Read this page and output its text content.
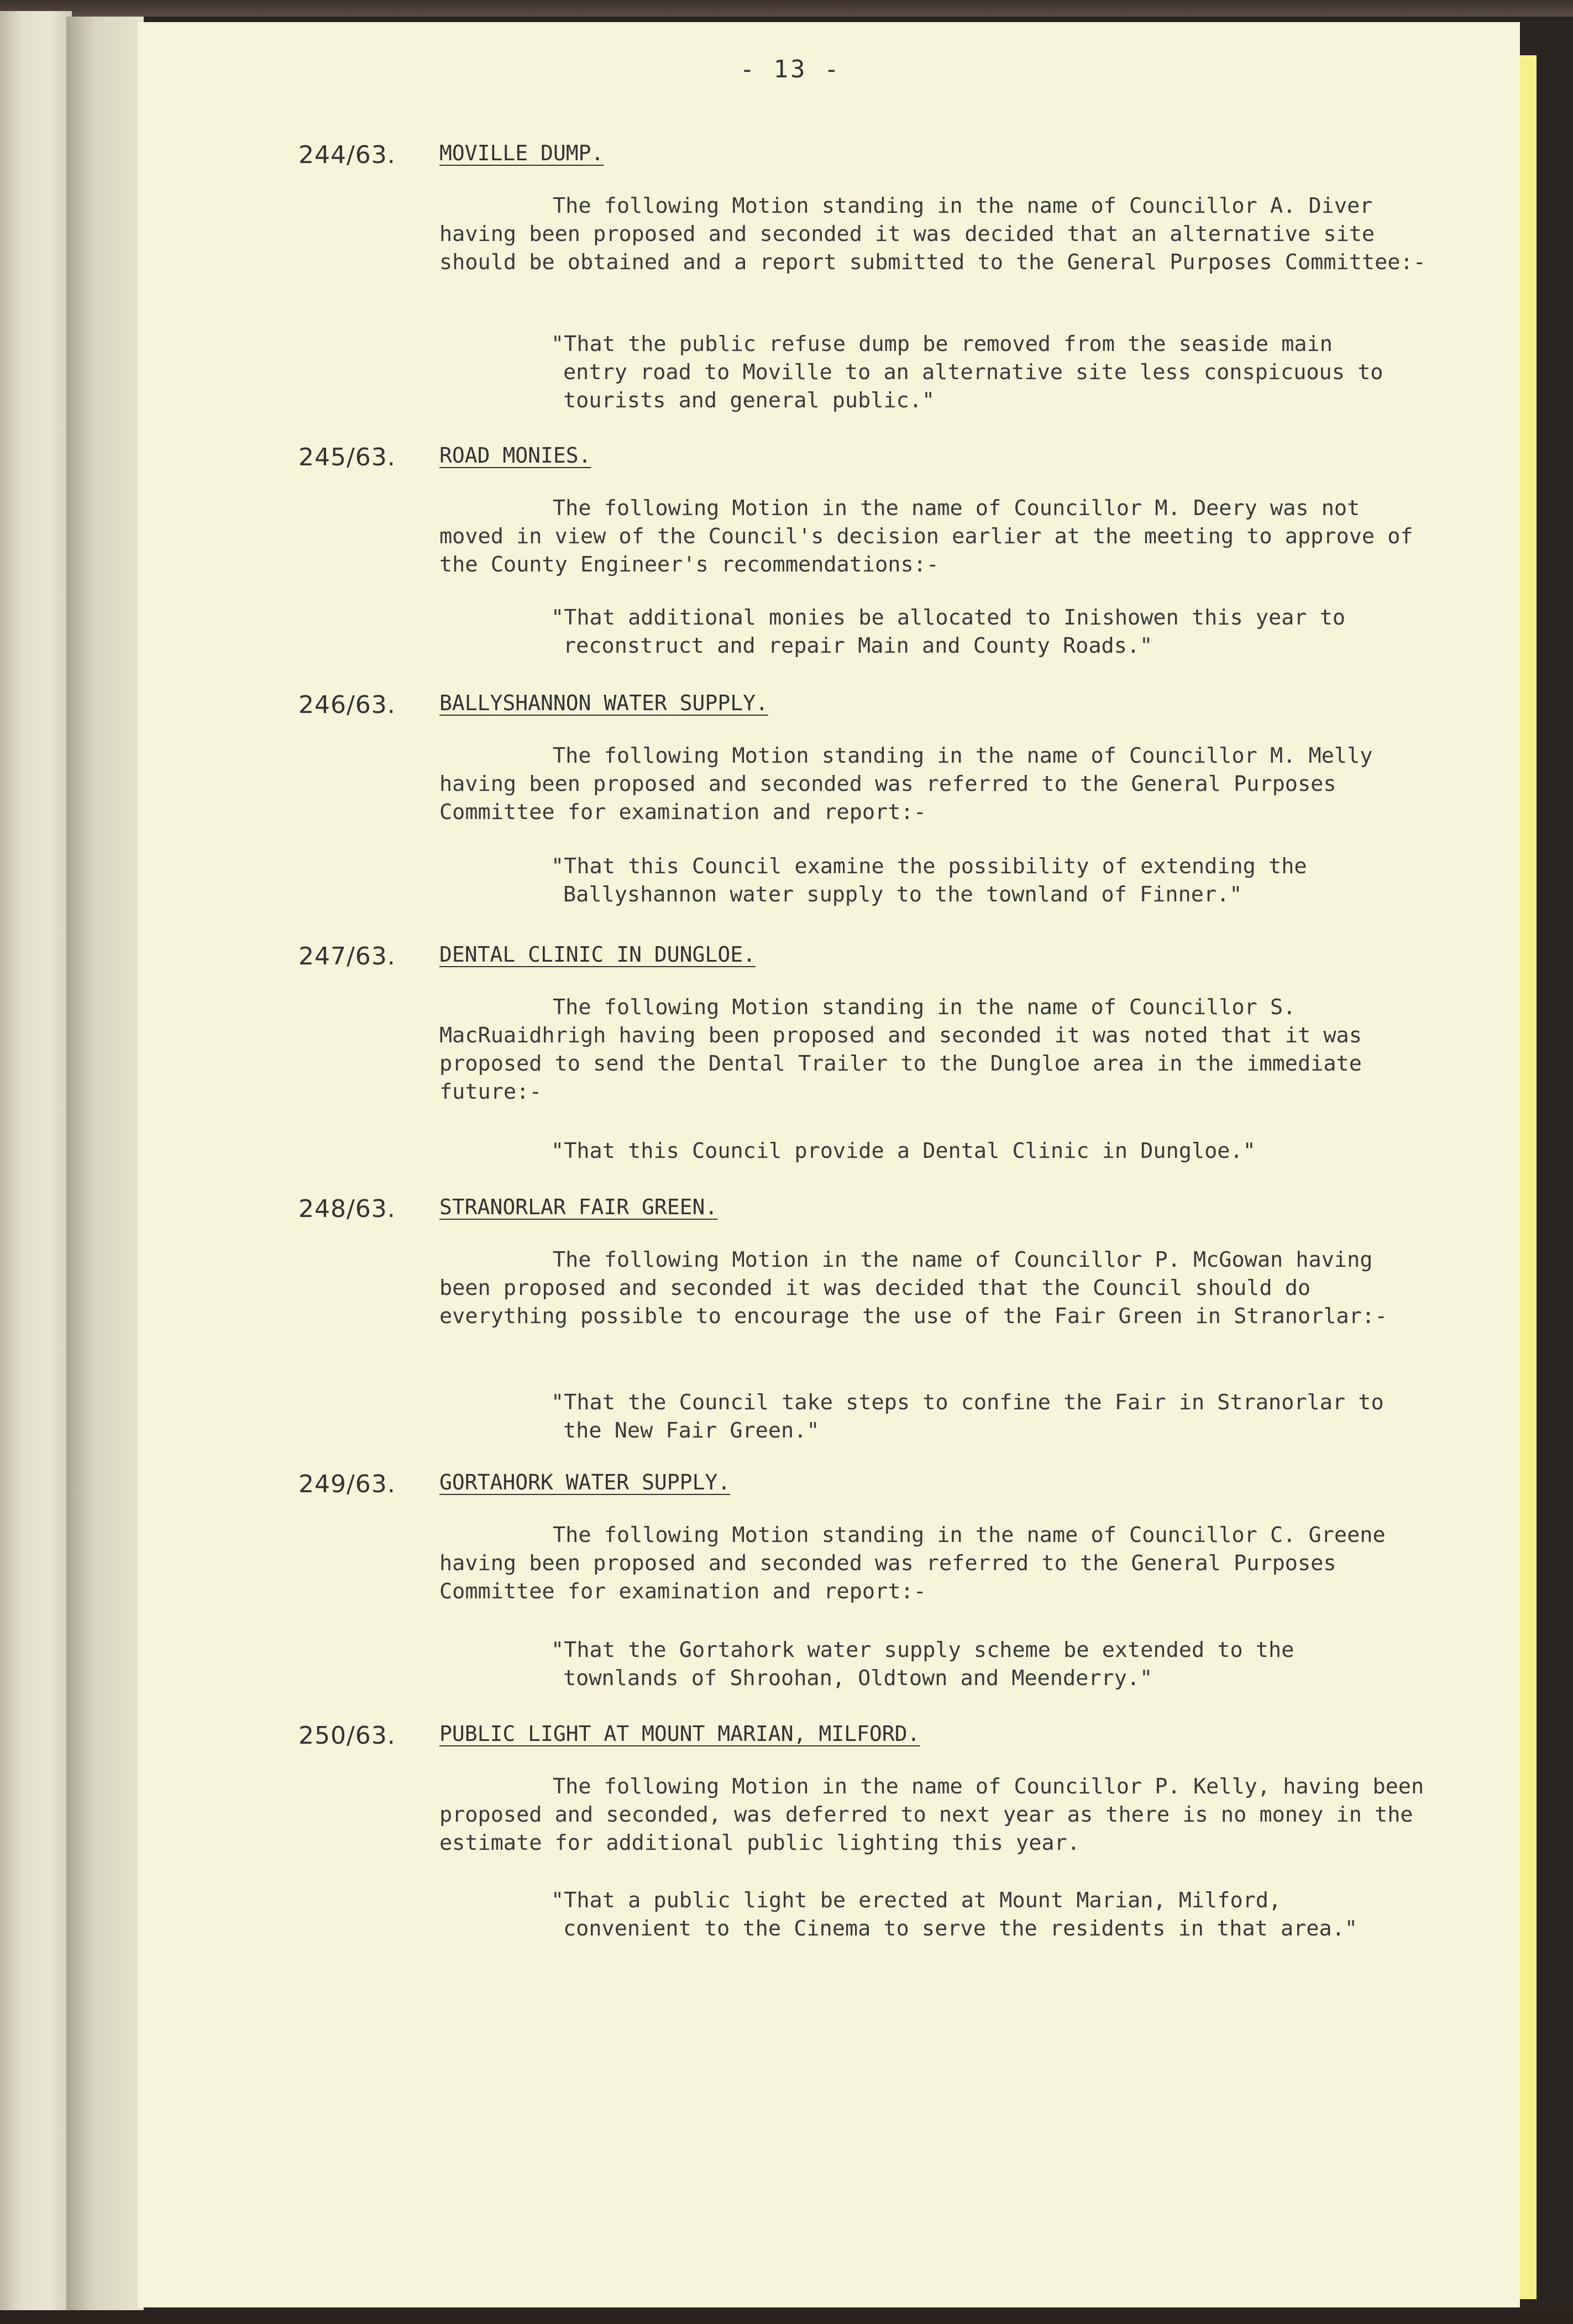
- 13 -
244/63. MOVILLE DUMP.

The following Motion standing in the name of Councillor A. Diver having been proposed and seconded it was decided that an alternative site should be obtained and a report submitted to the General Purposes Committee:-

"That the public refuse dump be removed from the seaside main entry road to Moville to an alternative site less conspicuous to tourists and general public."

245/63. ROAD MONIES.

The following Motion in the name of Councillor M. Deery was not moved in view of the Council's decision earlier at the meeting to approve of the County Engineer's recommendations:-

"That additional monies be allocated to Inishowen this year to reconstruct and repair Main and County Roads."

246/63. BALLYSHANNON WATER SUPPLY.

The following Motion standing in the name of Councillor M. Melly having been proposed and seconded was referred to the General Purposes Committee for examination and report:-

"That this Council examine the possibility of extending the Ballyshannon water supply to the townland of Finner."

247/63. DENTAL CLINIC IN DUNGLOE.

The following Motion standing in the name of Councillor S. MacRuaidhrigh having been proposed and seconded it was noted that it was proposed to send the Dental Trailer to the Dungloe area in the immediate future:-

"That this Council provide a Dental Clinic in Dungloe."

248/63. STRANORLAR FAIR GREEN.

The following Motion in the name of Councillor P. McGowan having been proposed and seconded it was decided that the Council should do everything possible to encourage the use of the Fair Green in Stranorlar:-

"That the Council take steps to confine the Fair in Stranorlar to the New Fair Green."

249/63. GORTAHORK WATER SUPPLY.

The following Motion standing in the name of Councillor C. Greene having been proposed and seconded was referred to the General Purposes Committee for examination and report:-

"That the Gortahork water supply scheme be extended to the townlands of Shroohan, Oldtown and Meenderry."

250/63. PUBLIC LIGHT AT MOUNT MARIAN, MILFORD.

The following Motion in the name of Councillor P. Kelly, having been proposed and seconded, was deferred to next year as there is no money in the estimate for additional public lighting this year.

"That a public light be erected at Mount Marian, Milford, convenient to the Cinema to serve the residents in that area."
